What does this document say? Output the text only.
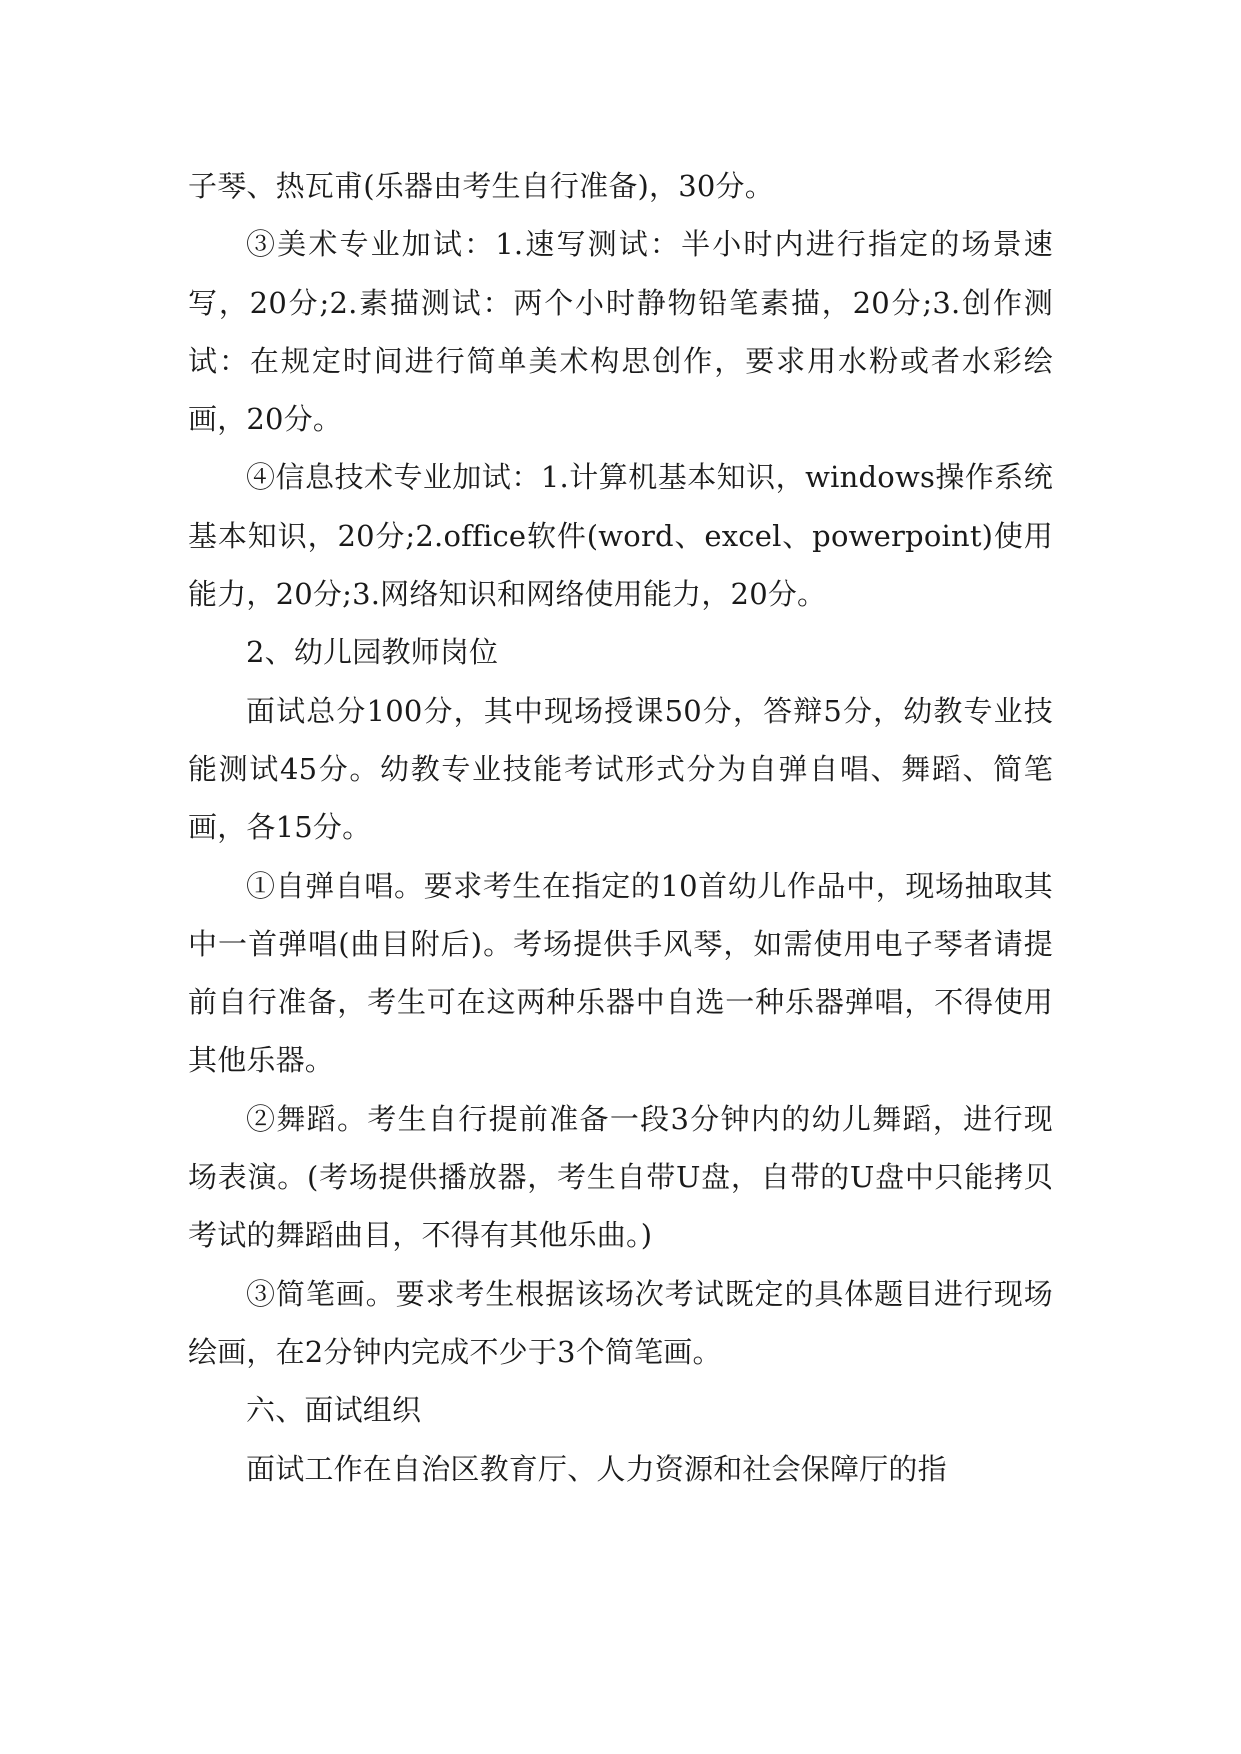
子琴、热瓦甫(乐器由考生自行准备)，30分。

③美术专业加试：1.速写测试：半小时内进行指定的场景速写，20分;2.素描测试：两个小时静物铅笔素描，20分;3.创作测试：在规定时间进行简单美术构思创作，要求用水粉或者水彩绘画，20分。

④信息技术专业加试：1.计算机基本知识，windows操作系统基本知识，20分;2.office软件(word、excel、powerpoint)使用能力，20分;3.网络知识和网络使用能力，20分。

2、幼儿园教师岗位

面试总分100分，其中现场授课50分，答辩5分，幼教专业技能测试45分。幼教专业技能考试形式分为自弹自唱、舞蹈、简笔画，各15分。

①自弹自唱。要求考生在指定的10首幼儿作品中，现场抽取其中一首弹唱(曲目附后)。考场提供手风琴，如需使用电子琴者请提前自行准备，考生可在这两种乐器中自选一种乐器弹唱，不得使用其他乐器。

②舞蹈。考生自行提前准备一段3分钟内的幼儿舞蹈，进行现场表演。(考场提供播放器，考生自带U盘，自带的U盘中只能拷贝考试的舞蹈曲目，不得有其他乐曲。)

③简笔画。要求考生根据该场次考试既定的具体题目进行现场绘画，在2分钟内完成不少于3个简笔画。

六、面试组织

面试工作在自治区教育厅、人力资源和社会保障厅的指
